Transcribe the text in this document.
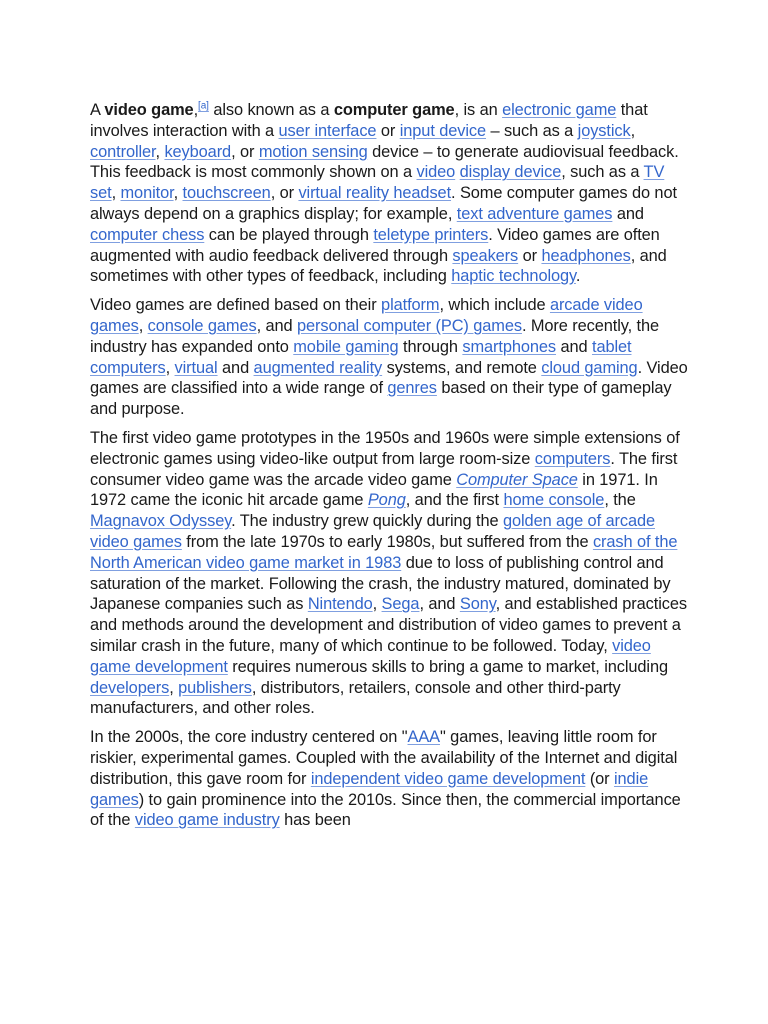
A video game,[a] also known as a computer game, is an electronic game that involves interaction with a user interface or input device – such as a joystick, controller, keyboard, or motion sensing device – to generate audiovisual feedback. This feedback is most commonly shown on a video display device, such as a TV set, monitor, touchscreen, or virtual reality headset. Some computer games do not always depend on a graphics display; for example, text adventure games and computer chess can be played through teletype printers. Video games are often augmented with audio feedback delivered through speakers or headphones, and sometimes with other types of feedback, including haptic technology.

Video games are defined based on their platform, which include arcade video games, console games, and personal computer (PC) games. More recently, the industry has expanded onto mobile gaming through smartphones and tablet computers, virtual and augmented reality systems, and remote cloud gaming. Video games are classified into a wide range of genres based on their type of gameplay and purpose.

The first video game prototypes in the 1950s and 1960s were simple extensions of electronic games using video-like output from large room-size computers. The first consumer video game was the arcade video game Computer Space in 1971. In 1972 came the iconic hit arcade game Pong, and the first home console, the Magnavox Odyssey. The industry grew quickly during the golden age of arcade video games from the late 1970s to early 1980s, but suffered from the crash of the North American video game market in 1983 due to loss of publishing control and saturation of the market. Following the crash, the industry matured, dominated by Japanese companies such as Nintendo, Sega, and Sony, and established practices and methods around the development and distribution of video games to prevent a similar crash in the future, many of which continue to be followed. Today, video game development requires numerous skills to bring a game to market, including developers, publishers, distributors, retailers, console and other third-party manufacturers, and other roles.

In the 2000s, the core industry centered on "AAA" games, leaving little room for riskier, experimental games. Coupled with the availability of the Internet and digital distribution, this gave room for independent video game development (or indie games) to gain prominence into the 2010s. Since then, the commercial importance of the video game industry has been
